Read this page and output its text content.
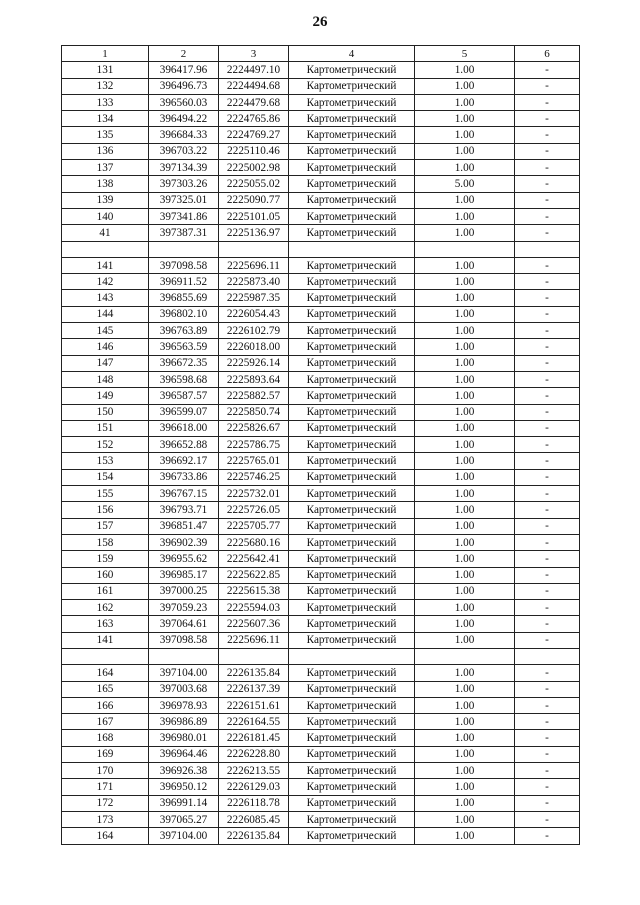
26
1	2	3	4	5	6
131	396417.96	2224497.10	Картометрический	1.00	-
132	396496.73	2224494.68	Картометрический	1.00	-
133	396560.03	2224479.68	Картометрический	1.00	-
134	396494.22	2224765.86	Картометрический	1.00	-
135	396684.33	2224769.27	Картометрический	1.00	-
136	396703.22	2225110.46	Картометрический	1.00	-
137	397134.39	2225002.98	Картометрический	1.00	-
138	397303.26	2225055.02	Картометрический	5.00	-
139	397325.01	2225090.77	Картометрический	1.00	-
140	397341.86	2225101.05	Картометрический	1.00	-
41	397387.31	2225136.97	Картометрический	1.00	-

141	397098.58	2225696.11	Картометрический	1.00	-
142	396911.52	2225873.40	Картометрический	1.00	-
143	396855.69	2225987.35	Картометрический	1.00	-
144	396802.10	2226054.43	Картометрический	1.00	-
145	396763.89	2226102.79	Картометрический	1.00	-
146	396563.59	2226018.00	Картометрический	1.00	-
147	396672.35	2225926.14	Картометрический	1.00	-
148	396598.68	2225893.64	Картометрический	1.00	-
149	396587.57	2225882.57	Картометрический	1.00	-
150	396599.07	2225850.74	Картометрический	1.00	-
151	396618.00	2225826.67	Картометрический	1.00	-
152	396652.88	2225786.75	Картометрический	1.00	-
153	396692.17	2225765.01	Картометрический	1.00	-
154	396733.86	2225746.25	Картометрический	1.00	-
155	396767.15	2225732.01	Картометрический	1.00	-
156	396793.71	2225726.05	Картометрический	1.00	-
157	396851.47	2225705.77	Картометрический	1.00	-
158	396902.39	2225680.16	Картометрический	1.00	-
159	396955.62	2225642.41	Картометрический	1.00	-
160	396985.17	2225622.85	Картометрический	1.00	-
161	397000.25	2225615.38	Картометрический	1.00	-
162	397059.23	2225594.03	Картометрический	1.00	-
163	397064.61	2225607.36	Картометрический	1.00	-
141	397098.58	2225696.11	Картометрический	1.00	-

164	397104.00	2226135.84	Картометрический	1.00	-
165	397003.68	2226137.39	Картометрический	1.00	-
166	396978.93	2226151.61	Картометрический	1.00	-
167	396986.89	2226164.55	Картометрический	1.00	-
168	396980.01	2226181.45	Картометрический	1.00	-
169	396964.46	2226228.80	Картометрический	1.00	-
170	396926.38	2226213.55	Картометрический	1.00	-
171	396950.12	2226129.03	Картометрический	1.00	-
172	396991.14	2226118.78	Картометрический	1.00	-
173	397065.27	2226085.45	Картометрический	1.00	-
164	397104.00	2226135.84	Картометрический	1.00	-
